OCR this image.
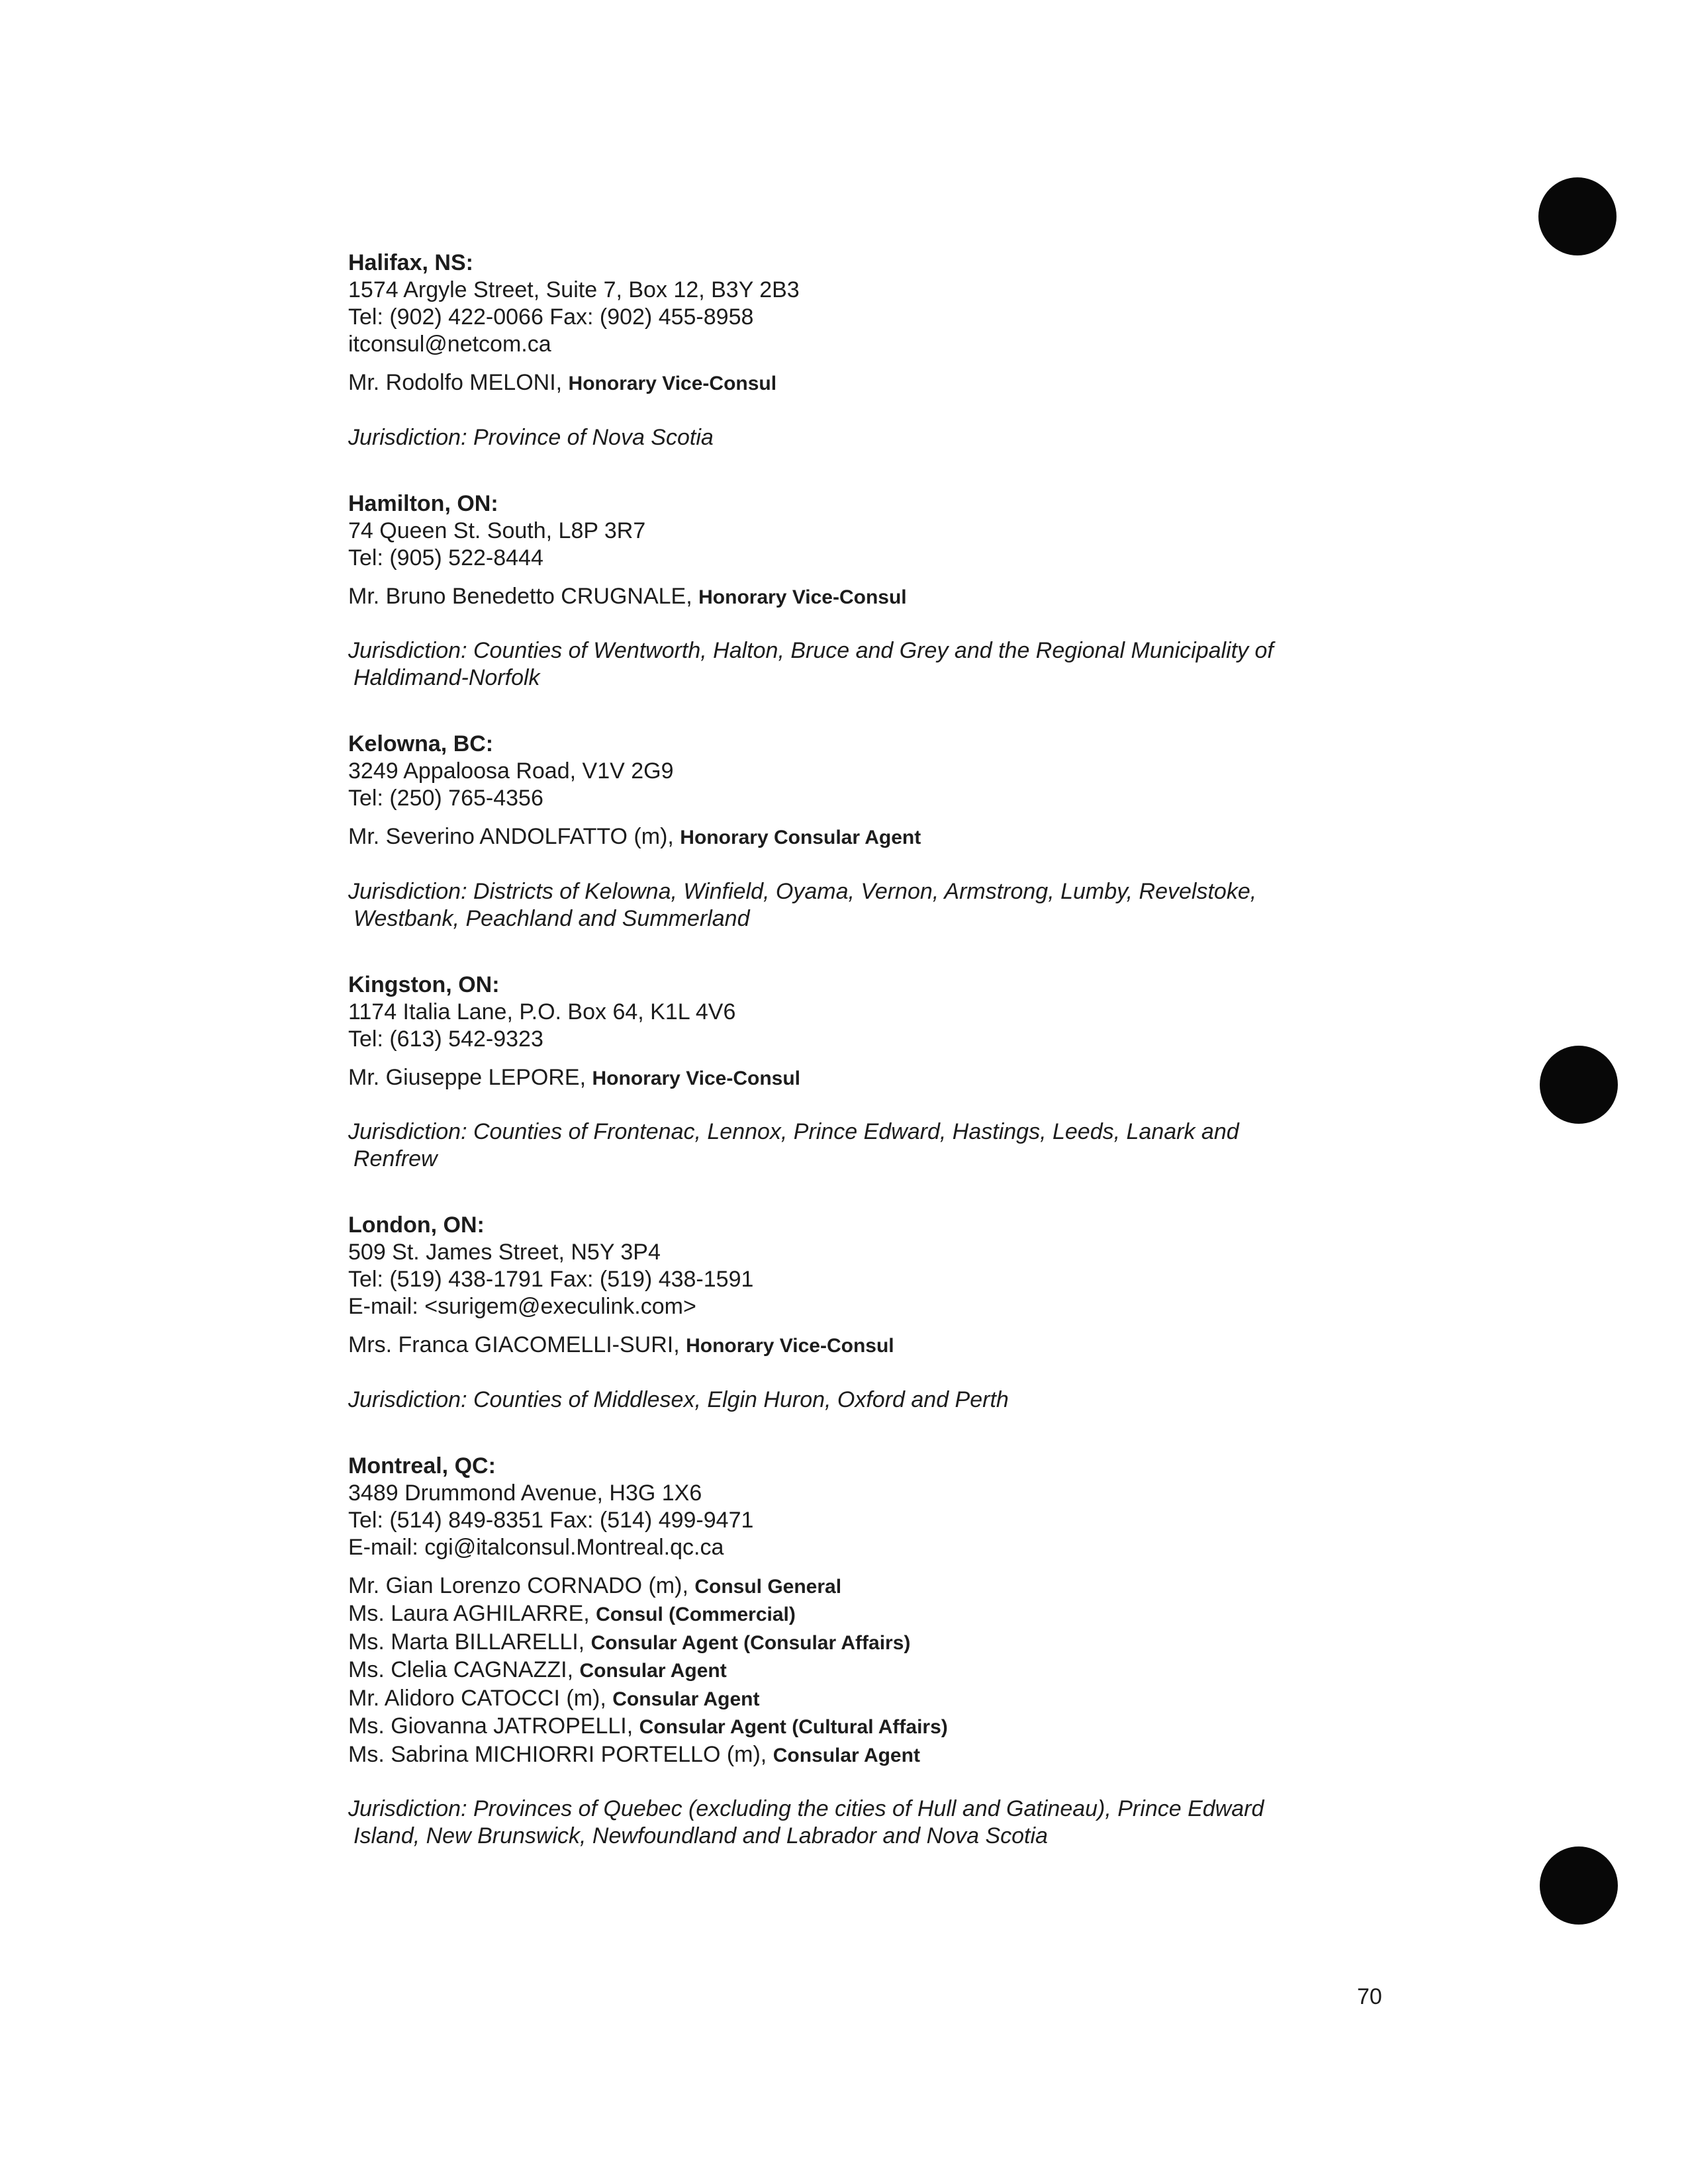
Halifax, NS:
1574 Argyle Street, Suite 7, Box 12, B3Y 2B3
Tel: (902) 422-0066 Fax: (902) 455-8958
itconsul@netcom.ca
Mr. Rodolfo MELONI, Honorary Vice-Consul
Jurisdiction: Province of Nova Scotia
Hamilton, ON:
74 Queen St. South, L8P 3R7
Tel: (905) 522-8444
Mr. Bruno Benedetto CRUGNALE, Honorary Vice-Consul
Jurisdiction: Counties of Wentworth, Halton, Bruce and Grey and the Regional Municipality of
Haldimand-Norfolk
Kelowna, BC:
3249 Appaloosa Road, V1V 2G9
Tel: (250) 765-4356
Mr. Severino ANDOLFATTO (m), Honorary Consular Agent
Jurisdiction: Districts of Kelowna, Winfield, Oyama, Vernon, Armstrong, Lumby, Revelstoke,
Westbank, Peachland and Summerland
Kingston, ON:
1174 Italia Lane, P.O. Box 64, K1L 4V6
Tel: (613) 542-9323
Mr. Giuseppe LEPORE, Honorary Vice-Consul
Jurisdiction: Counties of Frontenac, Lennox, Prince Edward, Hastings, Leeds, Lanark and
Renfrew
London, ON:
509 St. James Street, N5Y 3P4
Tel: (519) 438-1791 Fax: (519) 438-1591
E-mail: <surigem@execulink.com>
Mrs. Franca GIACOMELLI-SURI, Honorary Vice-Consul
Jurisdiction: Counties of Middlesex, Elgin Huron, Oxford and Perth
Montreal, QC:
3489 Drummond Avenue, H3G 1X6
Tel: (514) 849-8351 Fax: (514) 499-9471
E-mail: cgi@italconsul.Montreal.qc.ca
Mr. Gian Lorenzo CORNADO (m), Consul General
Ms. Laura AGHILARRE, Consul (Commercial)
Ms. Marta BILLARELLI, Consular Agent (Consular Affairs)
Ms. Clelia CAGNAZZI, Consular Agent
Mr. Alidoro CATOCCI (m), Consular Agent
Ms. Giovanna JATROPELLI, Consular Agent (Cultural Affairs)
Ms. Sabrina MICHIORRI PORTELLO (m), Consular Agent
Jurisdiction: Provinces of Quebec (excluding the cities of Hull and Gatineau), Prince Edward
Island, New Brunswick, Newfoundland and Labrador and Nova Scotia
70
